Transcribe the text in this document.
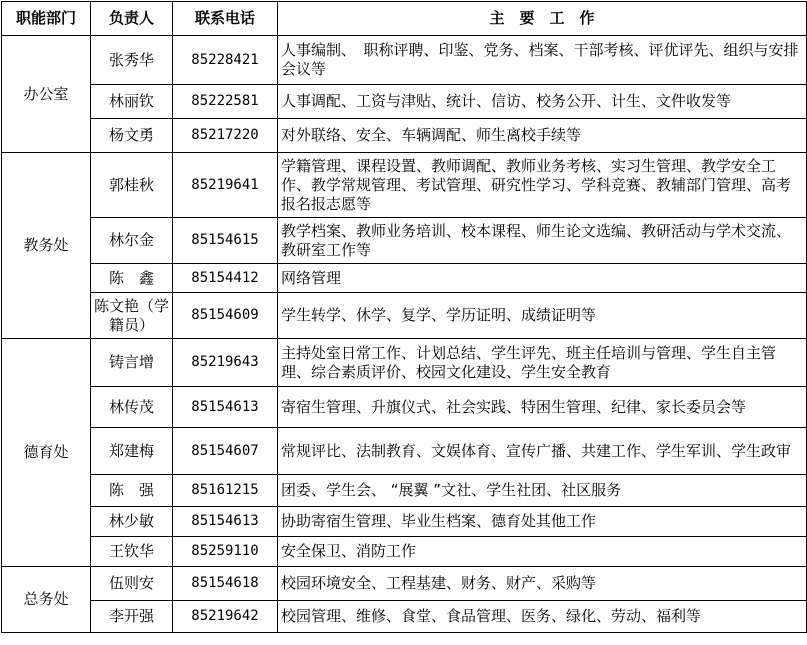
职能部门	负责人	联系电话	主　要　工　作
办公室	张秀华	85228421	人事编制、　职称评聘、印鉴、党务、档案、干部考核、评优评先、组织与安排会议等
	林丽钦	85222581	人事调配、工资与津贴、统计、信访、校务公开、计生、文件收发等
	杨文勇	85217220	对外联络、安全、车辆调配、师生离校手续等
教务处	郭桂秋	85219641	学籍管理、课程设置、教师调配、教师业务考核、实习生管理、教学安全工作、教学常规管理、考试管理、研究性学习、学科竞赛、教辅部门管理、高考报名报志愿等
	林尔金	85154615	教学档案、教师业务培训、校本课程、师生论文选编、教研活动与学术交流、教研室工作等
	陈　鑫	85154412	网络管理
	陈文艳（学籍员）	85154609	学生转学、休学、复学、学历证明、成绩证明等
德育处	铸言增	85219643	主持处室日常工作、计划总结、学生评先、班主任培训与管理、学生自主管理、综合素质评价、校园文化建设、学生安全教育
	林传茂	85154613	寄宿生管理、升旗仪式、社会实践、特困生管理、纪律、家长委员会等
	郑建梅	85154607	常规评比、法制教育、文娱体育、宣传广播、共建工作、学生军训、学生政审
	陈　强	85161215	团委、学生会、 “展翼 ”文社、学生社团、社区服务
	林少敏	85154613	协助寄宿生管理、毕业生档案、德育处其他工作
	王钦华	85259110	安全保卫、消防工作
总务处	伍则安	85154618	校园环境安全、工程基建、财务、财产、采购等
	李开强	85219642	校园管理、维修、食堂、食品管理、医务、绿化、劳动、福利等
